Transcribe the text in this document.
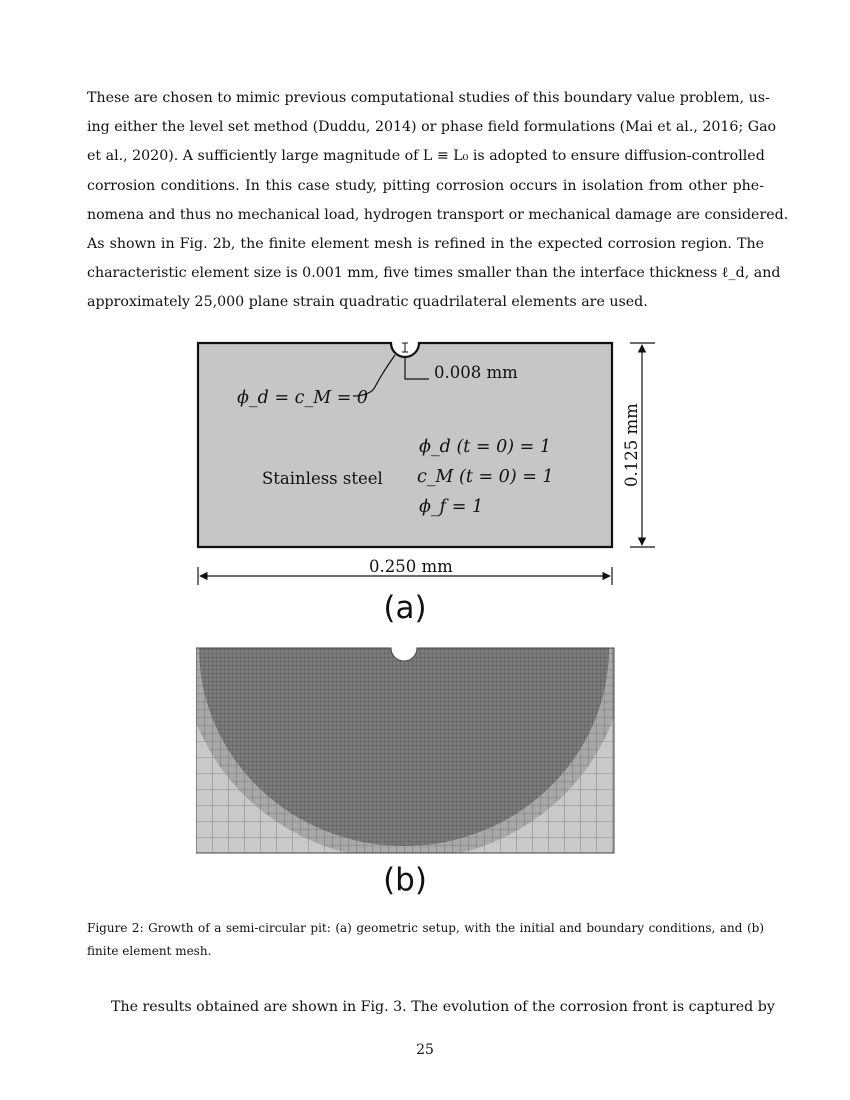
These are chosen to mimic previous computational studies of this boundary value problem, us-
ing either the level set method (Duddu, 2014) or phase field formulations (Mai et al., 2016; Gao
et al., 2020). A sufficiently large magnitude of L ≡ L₀ is adopted to ensure diffusion-controlled
corrosion conditions. In this case study, pitting corrosion occurs in isolation from other phe-
nomena and thus no mechanical load, hydrogen transport or mechanical damage are considered.
As shown in Fig. 2b, the finite element mesh is refined in the expected corrosion region. The
characteristic element size is 0.001 mm, five times smaller than the interface thickness ℓ_d, and
approximately 25,000 plane strain quadratic quadrilateral elements are used.
0.008 mm
ϕ_d = c_M = 0
Stainless steel
ϕ_d (t = 0) = 1
c_M (t = 0) = 1
ϕ_f = 1
0.125 mm
0.250 mm
(a)
(b)
Figure 2: Growth of a semi-circular pit: (a) geometric setup, with the initial and boundary conditions, and (b)
finite element mesh.
The results obtained are shown in Fig. 3. The evolution of the corrosion front is captured by
25
